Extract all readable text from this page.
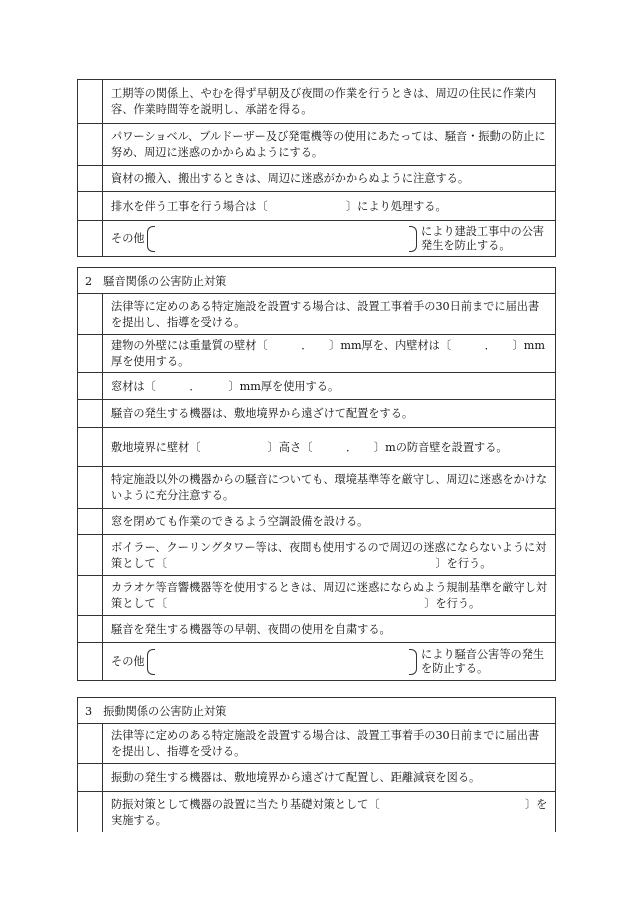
工期等の関係上、やむを得ず早朝及び夜間の作業を行うときは、周辺の住民に作業内容、作業時間等を説明し、承諾を得る。
パワーショベル、ブルドーザー及び発電機等の使用にあたっては、騒音・振動の防止に努め、周辺に迷惑のかからぬようにする。
資材の搬入、搬出するときは、周辺に迷惑がかからぬように注意する。
排水を伴う工事を行う場合は〔　　　　　　　〕により処理する。
その他
により建設工事中の公害発生を防止する。
2　騒音関係の公害防止対策
法律等に定めのある特定施設を設置する場合は、設置工事着手の30日前までに届出書を提出し、指導を受ける。
建物の外壁には重量質の壁材〔　　　．　　〕mm厚を、内壁材は〔　　　．　　〕mm厚を使用する。
窓材は〔　　　．　　　〕mm厚を使用する。
騒音の発生する機器は、敷地境界から遠ざけて配置をする。
敷地境界に壁材〔　　　　　　〕高さ〔　　　．　　〕mの防音壁を設置する。
特定施設以外の機器からの騒音についても、環境基準等を厳守し、周辺に迷惑をかけないように充分注意する。
窓を閉めても作業のできるよう空調設備を設ける。
ボイラー、クーリングタワー等は、夜間も使用するので周辺の迷惑にならないように対策として〔　　　　　　　　　　　　　　　　　　　　　　　　〕を行う。
カラオケ等音響機器等を使用するときは、周辺に迷惑にならぬよう規制基準を厳守し対策として〔　　　　　　　　　　　　　　　　　　　　　　　〕を行う。
騒音を発生する機器等の早朝、夜間の使用を自粛する。
その他
により騒音公害等の発生を防止する。
3　振動関係の公害防止対策
法律等に定めのある特定施設を設置する場合は、設置工事着手の30日前までに届出書を提出し、指導を受ける。
振動の発生する機器は、敷地境界から遠ざけて配置し、距離減衰を図る。
防振対策として機器の設置に当たり基礎対策として〔　　　　　　　　　　　　　〕を実施する。
